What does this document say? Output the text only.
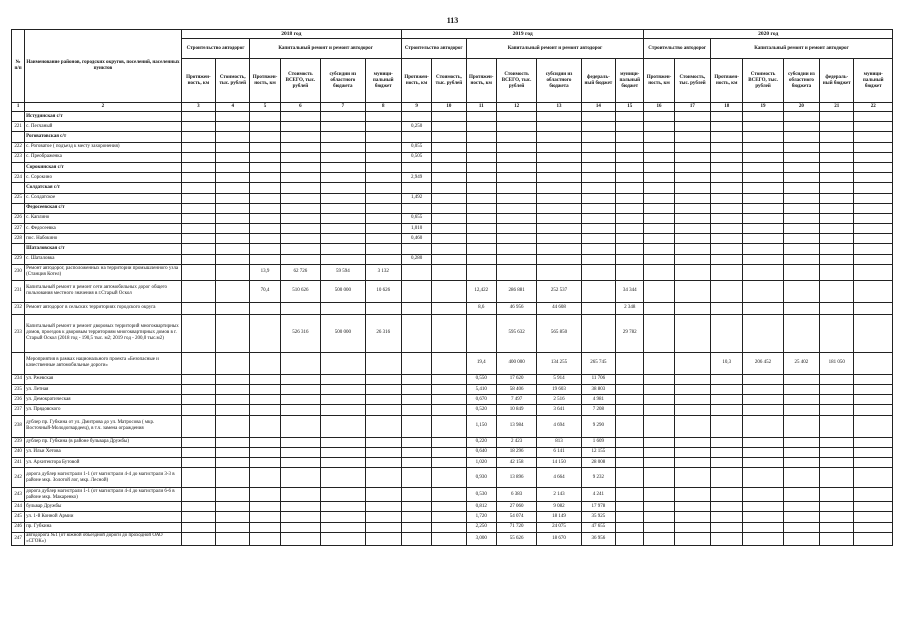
113
№ п/п	Наименование районов, городских округов, поселений, населенных пунктов	2018 год						2019 год							2020 год						
		Строительство автодорог		Капитальный ремонт и ремонт автодорог				Строительство автодорог		Капитальный ремонт и ремонт автодорог					Строительство автодорог		Капитальный ремонт и ремонт автодорог				

		Протяжен-ность, км	Стоимость, тыс. рублей	Протяжен-ность, км	Стоимость ВСЕГО, тыс. рублей	субсидии из областного бюджета	муници-пальный бюджет	Протяжен-ность, км	Стоимость, тыс. рублей	Протяжен-ность, км	Стоимость ВСЕГО, тыс. рублей	субсидии из областного бюджета	федераль-ный бюджет	муници-пальный бюджет	Протяжен-ность, км	Стоимость, тыс. рублей	Протяжен-ность, км	Стоимость ВСЕГО, тыс. рублей	субсидии из областного бюджета	федераль-ный бюджет	муници-пальный бюджет
1	2	3	4	5	6	7	8	9	10	11	12	13	14	15	16	17	18	19	20	21	22
	Истудинская с/т																				
221	с. Песчаный							0,250													
	Роговатовская с/т																				
222	с. Роговатое ( подъезд к месту захоронения)							0,055													
223	с. Преображенка							0,505													
	Сорокинская с/т																				
224	с. Сорокино							2,949													
	Солдатская с/т																				
225	с. Солдатское							1,492													
	Федосеевская с/т																				
226	с. Каплино							0,655													
227	с. Федосеевка							1,010													
228	пос. Набокино							0,460													
	Шаталовская с/т																				
229	с. Шаталовка							0,280													
230	Ремонт автодорог, расположенных на территории промышленного узла (Станция Котел)			13,9	62 726	59 594	3 132														
231	Капитальный ремонт и ремонт сети автомобильных дорог общего пользования местного значения в г.Старый Оскол			70,4	510 626	500 000	10 626			12,422	286 881	252 537		34 344							
232	Ремонт автодорог в сельских территориях городского округа									8,6	46 956	44 608		2 348							
233	Капитальный ремонт и ремонт дворовых территорий многоквартирных домов, проездов к дворовым территориям многоквартирных домов в г. Старый Оскол (2018 год - 190,5 тыс. м2; 2019 год - 200,0 тыс.м2)				526 316	500 000	26 316				595 632	565 850		29 782							
	Мероприятия в рамках национального проекта «Безопасные и качественные автомобильные дороги»									19,4	400 000	134 255	265 745				10,3	206 452	25 402	181 050	
234	ул. Ржевская									0,550	17 620	5 914	11 706								
235	ул. Летная									5,410	58 406	19 603	38 803								
236	ул. Демократическая									0,670	7 497	2 516	4 981								
237	ул. Прядовского									0,520	10 849	3 641	7 208								
238	дублер пр. Губкина от ул. Дмитрова до ул. Матросова ( мкр. Восточный-Молодогвардеец), в т.ч. замена ограждения									1,150	13 984	4 694	9 290								
239	дублер пр. Губкина (в районе бульвара Дружбы)									0,220	2 423	813	1 609								
240	ул. Ильи Хетова									0,640	18 296	6 141	12 155								
241	ул. Архитектора Бутовой									1,020	42 158	14 150	28 008								
242	дорога дублер магистрали 1-1 (от магистрали 4-4 до магистрали 3-3 в районе мкр. Золотой лог, мкр. Лесной)									0,930	13 896	4 664	9 232								
243	дорога дублер магистрали 1-1 (от магистрали 4-4 до магистрали 6-6 в районе мкр. Макаренко)									0,530	6 383	2 143	4 241								
244	бульвар Дружбы									0,812	27 060	9 082	17 978								
245	ул. 1-й Конной Армии									1,720	54 074	18 149	35 925								
246	пр. Губкина									2,250	71 720	24 075	47 655								
247	автодорога №1 (от южной объездной дороги до проходной ОАО «СГОК»)									3,000	55 626	18 670	36 956								
